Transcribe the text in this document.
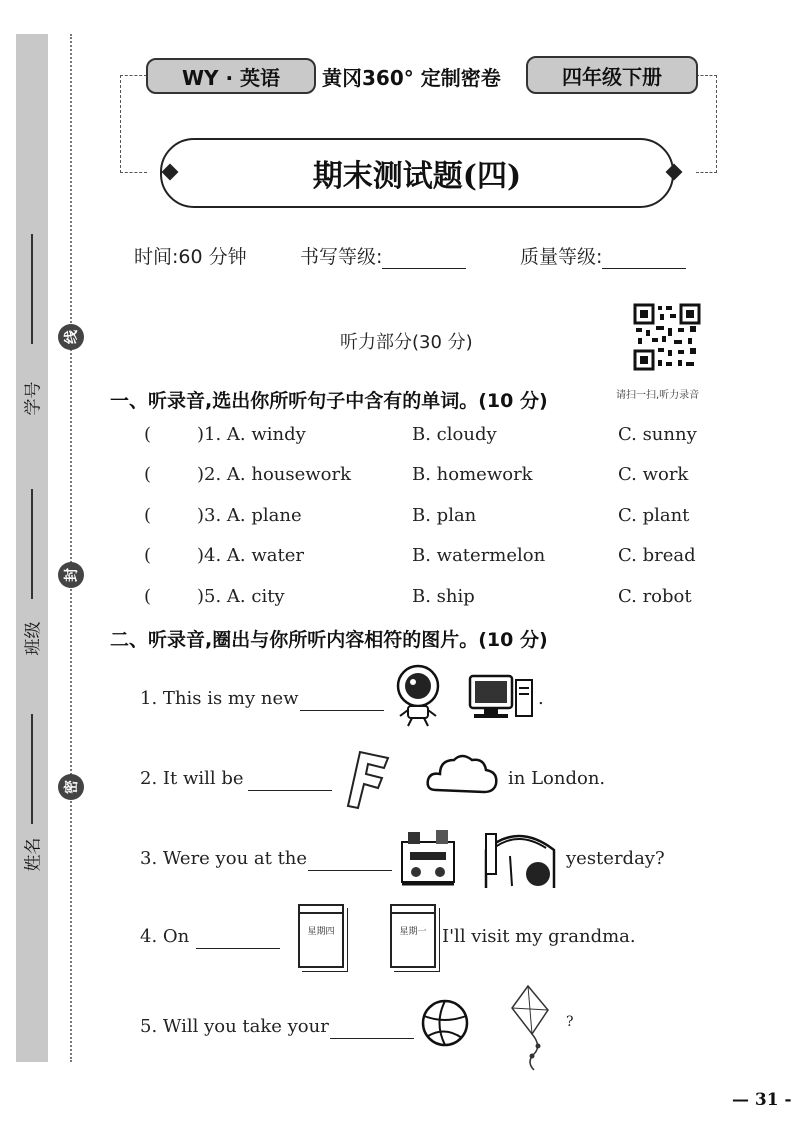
学号
班级
姓名
线
封
密
WY · 英语	黄冈360° 定制密卷	四年级下册
期末测试题(四)
时间:60 分钟	书写等级:	质量等级:
听力部分(30 分)
请扫一扫,听力录音
一、听录音,选出你所听句子中含有的单词。(10 分)
(	)1. A. windy	B. cloudy	C. sunny
(	)2. A. housework	B. homework	C. work
(	)3. A. plane	B. plan	C. plant
(	)4. A. water	B. watermelon	C. bread
(	)5. A. city	B. ship	C. robot
二、听录音,圈出与你所听内容相符的图片。(10 分)
1. This is my new	.
2. It will be	in London.
3. Were you at the	yesterday?
4. On	星期四	星期一 I'll visit my grandma.
5. Will you take your	?
— 31 -
